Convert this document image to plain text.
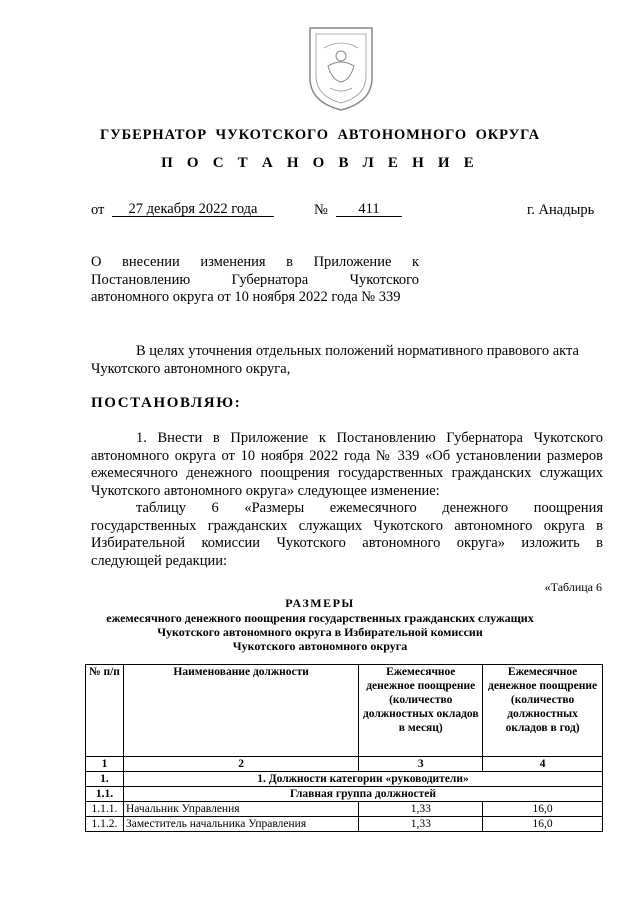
ГУБЕРНАТОР ЧУКОТСКОГО АВТОНОМНОГО ОКРУГА
П О С Т А Н О В Л Е Н И Е
от	27 декабря 2022 года	№	411	г. Анадырь
О внесении изменения в Приложение к
Постановлению Губернатора Чукотского
автономного округа от 10 ноября 2022 года № 339
В целях уточнения отдельных положений нормативного правового акта
Чукотского автономного округа,
ПОСТАНОВЛЯЮ:
1. Внести в Приложение к Постановлению Губернатора Чукотского
автономного округа от 10 ноября 2022 года № 339 «Об установлении размеров
ежемесячного денежного поощрения государственных гражданских служащих
Чукотского автономного округа» следующее изменение:
таблицу 6 «Размеры ежемесячного денежного поощрения
государственных гражданских служащих Чукотского автономного округа в
Избирательной комиссии Чукотского автономного округа» изложить в
следующей редакции:
«Таблица 6
РАЗМЕРЫ
ежемесячного денежного поощрения государственных гражданских служащих
Чукотского автономного округа в Избирательной комиссии
Чукотского автономного округа
№ п/п	Наименование должности	Ежемесячное денежное поощрение (количество должностных окладов в месяц)	Ежемесячное денежное поощрение (количество должностных окладов в год)
1	2	3	4
1.	1. Должности категории «руководители»		
1.1.	Главная группа должностей		
1.1.1.	Начальник Управления	1,33	16,0
1.1.2.	Заместитель начальника Управления	1,33	16,0
